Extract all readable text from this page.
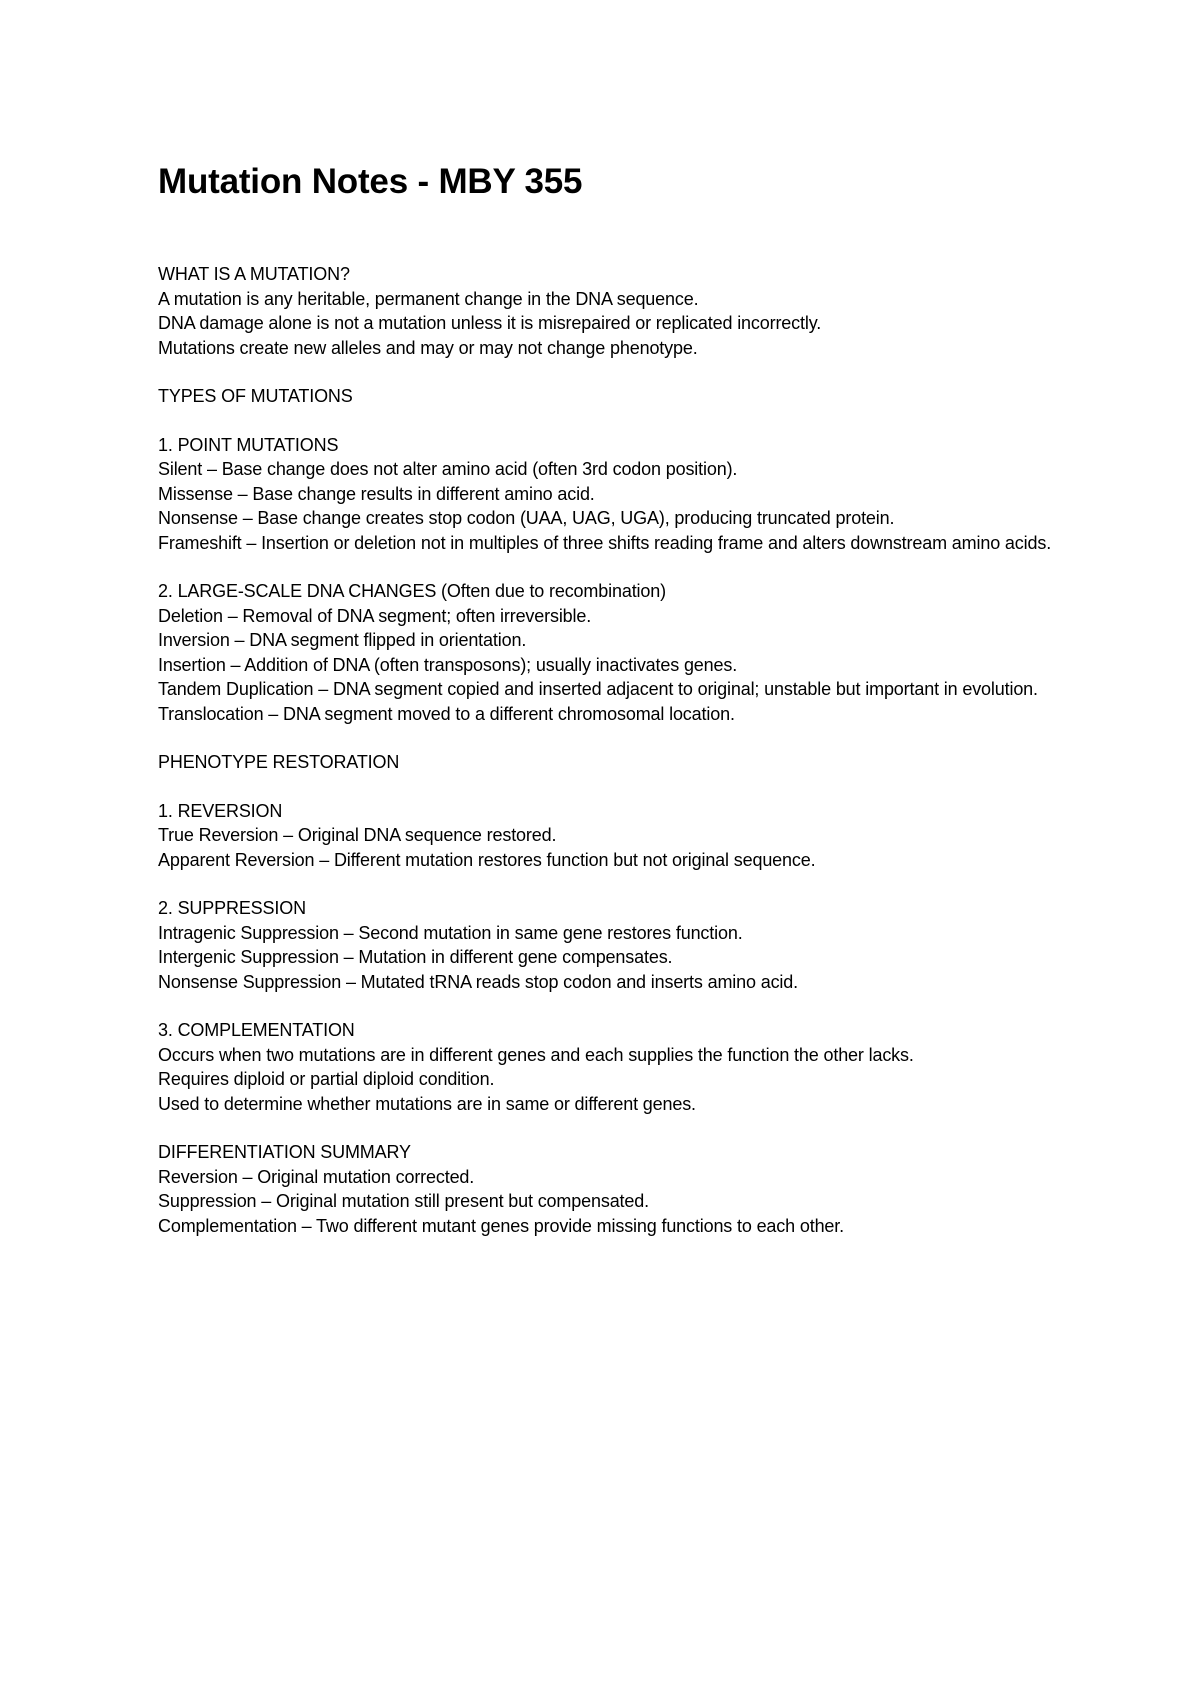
Mutation Notes - MBY 355
WHAT IS A MUTATION?
A mutation is any heritable, permanent change in the DNA sequence.
DNA damage alone is not a mutation unless it is misrepaired or replicated incorrectly.
Mutations create new alleles and may or may not change phenotype.
TYPES OF MUTATIONS
1. POINT MUTATIONS
Silent – Base change does not alter amino acid (often 3rd codon position).
Missense – Base change results in different amino acid.
Nonsense – Base change creates stop codon (UAA, UAG, UGA), producing truncated protein.
Frameshift – Insertion or deletion not in multiples of three shifts reading frame and alters downstream amino acids.
2. LARGE-SCALE DNA CHANGES (Often due to recombination)
Deletion – Removal of DNA segment; often irreversible.
Inversion – DNA segment flipped in orientation.
Insertion – Addition of DNA (often transposons); usually inactivates genes.
Tandem Duplication – DNA segment copied and inserted adjacent to original; unstable but important in evolution.
Translocation – DNA segment moved to a different chromosomal location.
PHENOTYPE RESTORATION
1. REVERSION
True Reversion – Original DNA sequence restored.
Apparent Reversion – Different mutation restores function but not original sequence.
2. SUPPRESSION
Intragenic Suppression – Second mutation in same gene restores function.
Intergenic Suppression – Mutation in different gene compensates.
Nonsense Suppression – Mutated tRNA reads stop codon and inserts amino acid.
3. COMPLEMENTATION
Occurs when two mutations are in different genes and each supplies the function the other lacks.
Requires diploid or partial diploid condition.
Used to determine whether mutations are in same or different genes.
DIFFERENTIATION SUMMARY
Reversion – Original mutation corrected.
Suppression – Original mutation still present but compensated.
Complementation – Two different mutant genes provide missing functions to each other.
